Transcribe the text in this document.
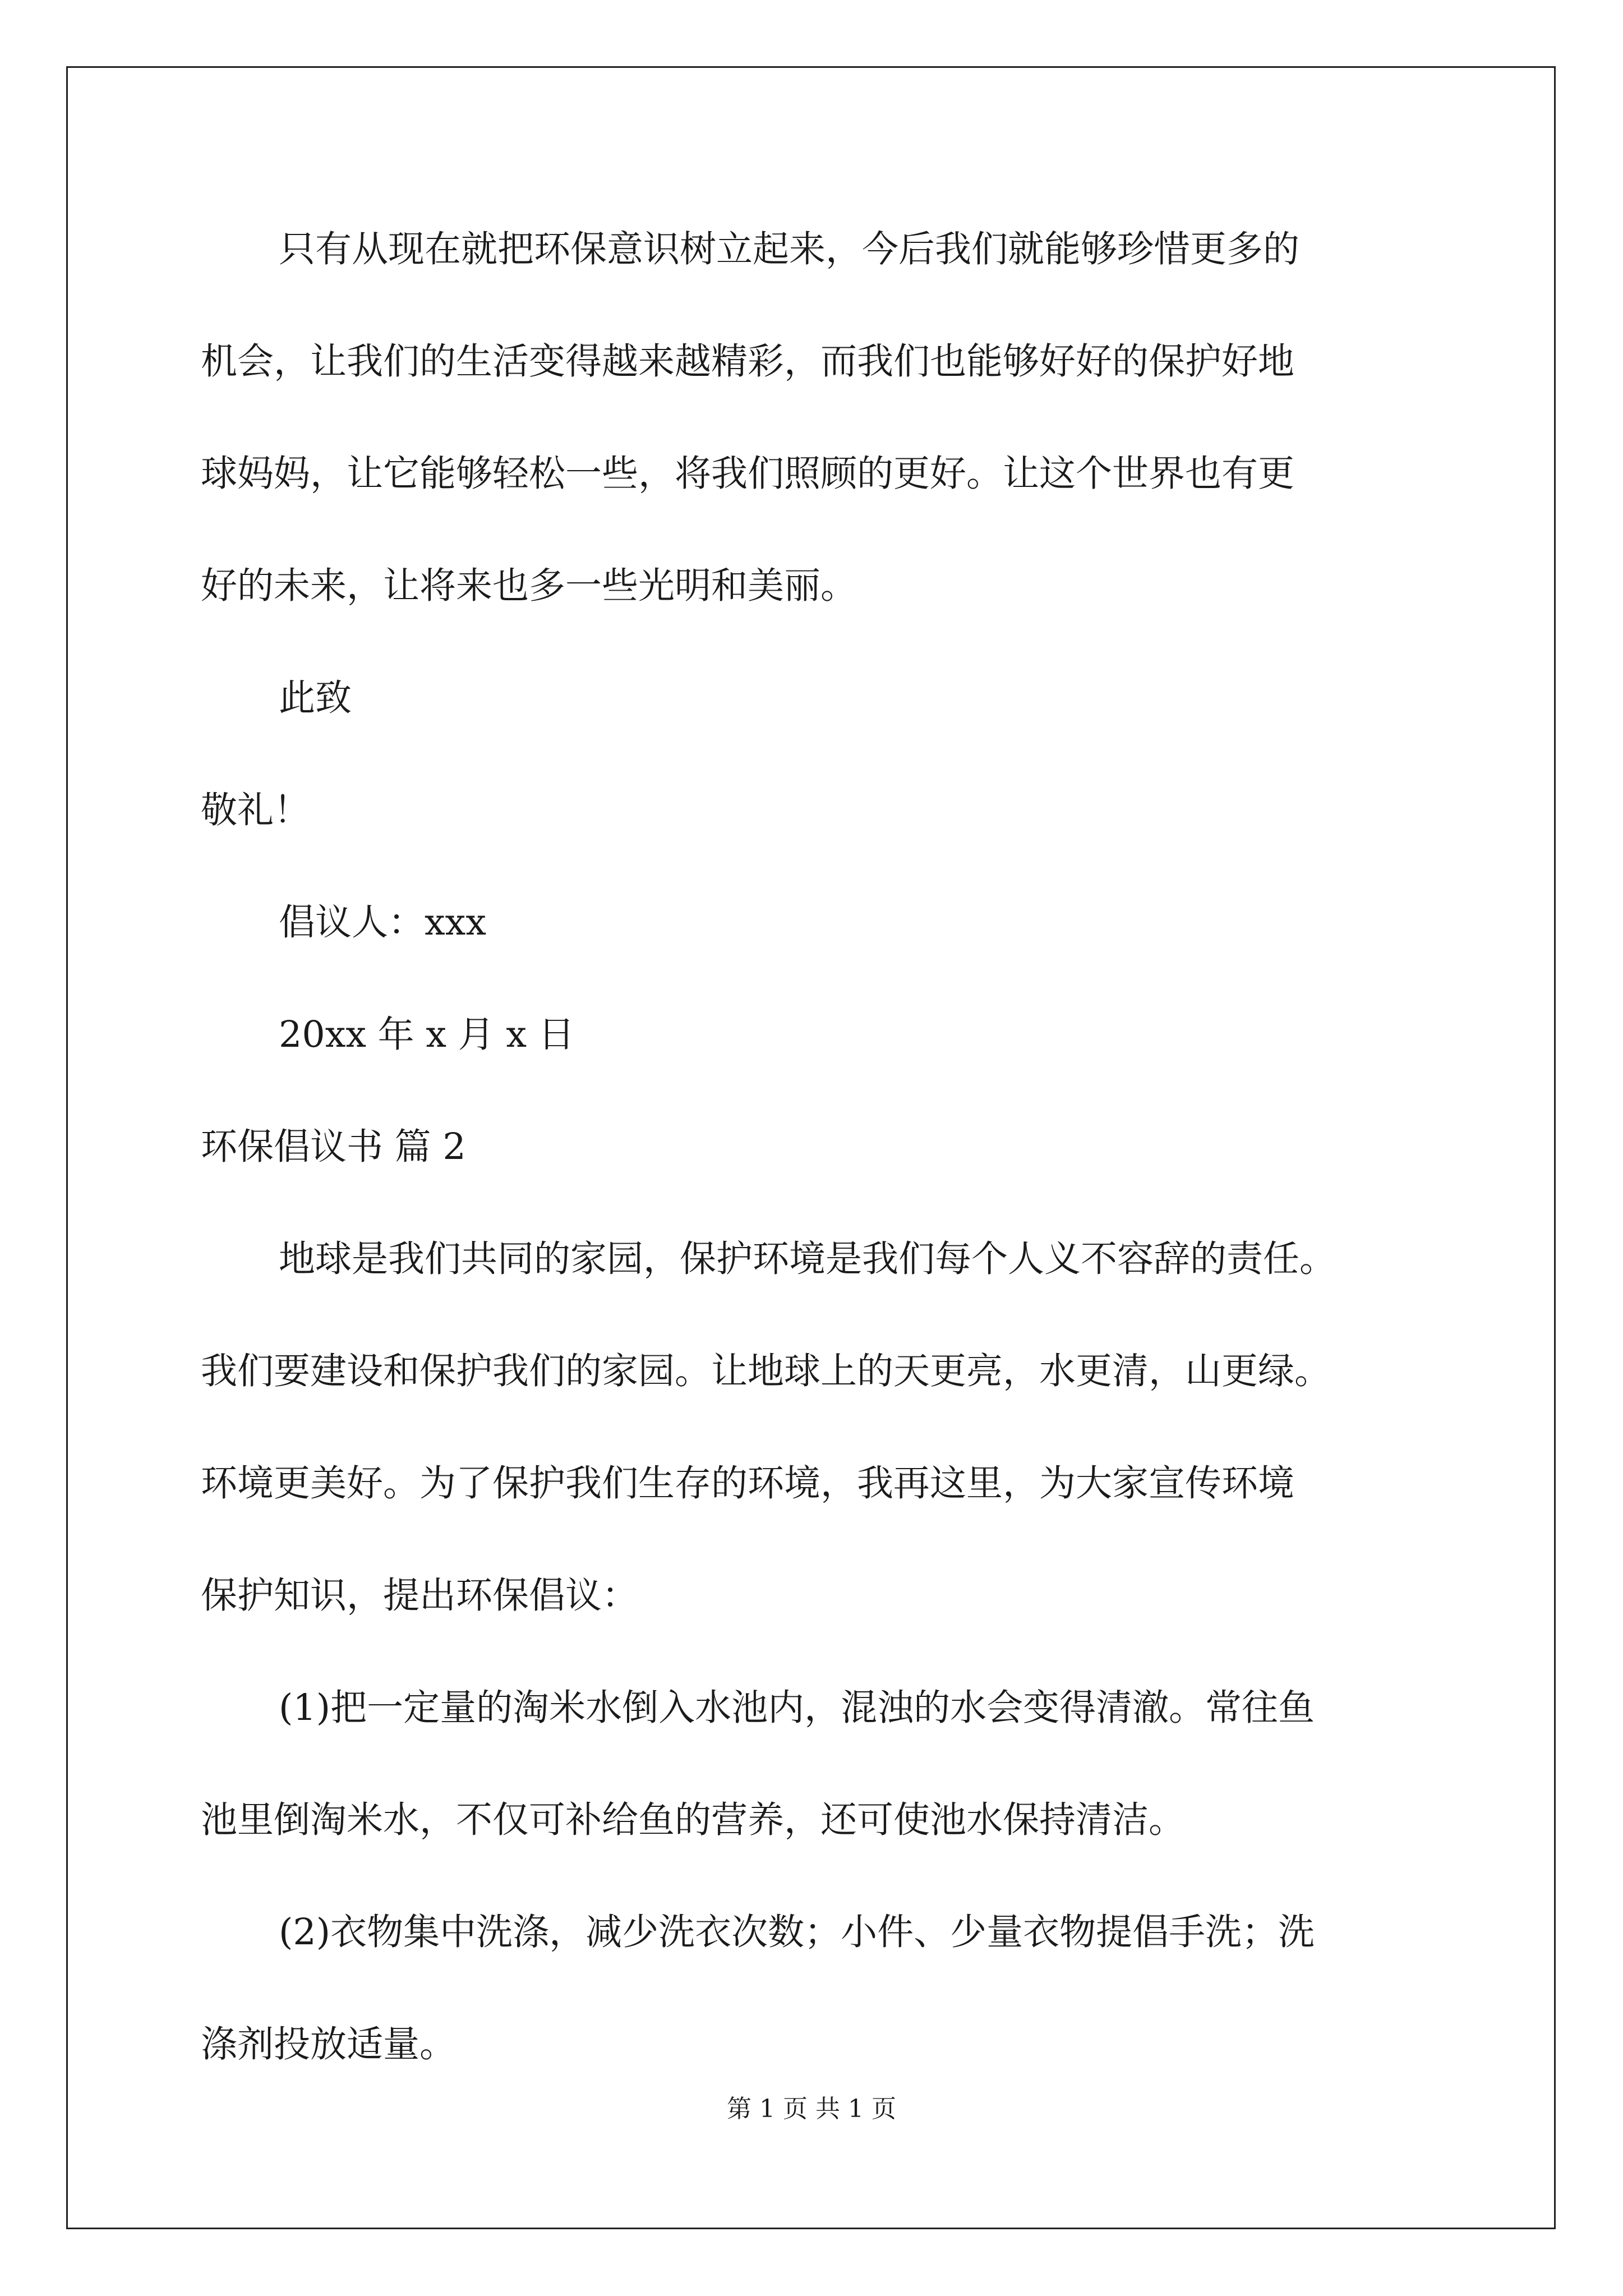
只有从现在就把环保意识树立起来，今后我们就能够珍惜更多的
机会，让我们的生活变得越来越精彩，而我们也能够好好的保护好地
球妈妈，让它能够轻松一些，将我们照顾的更好。让这个世界也有更
好的未来，让将来也多一些光明和美丽。
此致
敬礼！
倡议人：xxx
20xx 年 x 月 x 日
环保倡议书 篇 2
地球是我们共同的家园，保护环境是我们每个人义不容辞的责任。
我们要建设和保护我们的家园。让地球上的天更亮，水更清，山更绿。
环境更美好。为了保护我们生存的环境，我再这里，为大家宣传环境
保护知识，提出环保倡议：
(1)把一定量的淘米水倒入水池内，混浊的水会变得清澈。常往鱼
池里倒淘米水，不仅可补给鱼的营养，还可使池水保持清洁。
(2)衣物集中洗涤，减少洗衣次数；小件、少量衣物提倡手洗；洗
涤剂投放适量。
第 1 页 共 1 页
